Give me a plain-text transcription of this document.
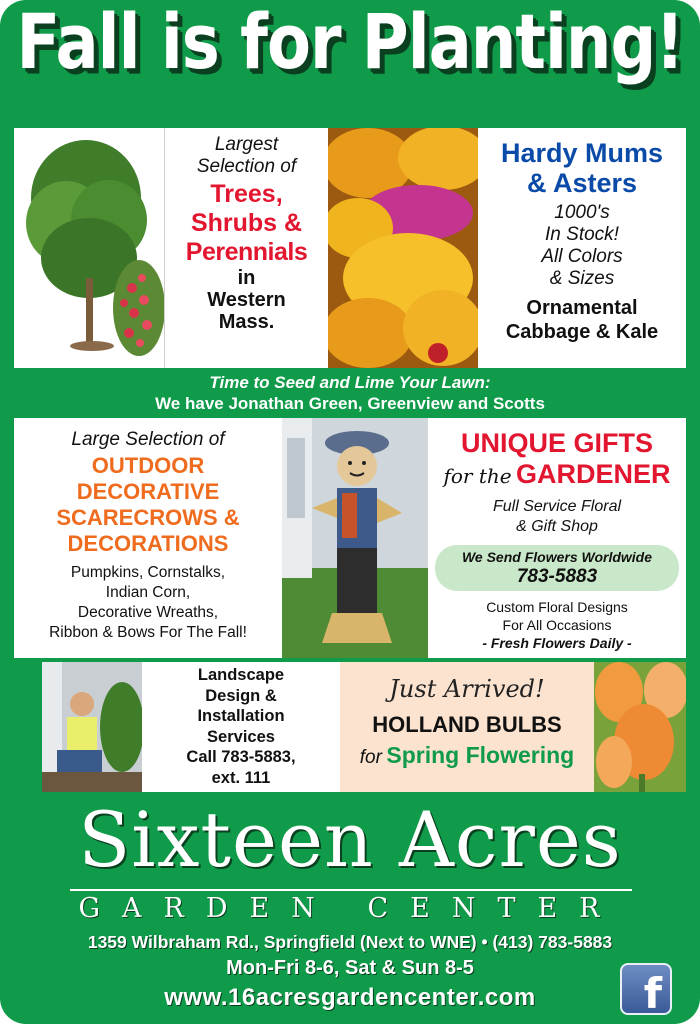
Fall is for Planting!
Largest
Selection of
Trees,
Shrubs &
Perennials
in
Western
Mass.
Hardy Mums
& Asters
1000's
In Stock!
All Colors
& Sizes
Ornamental
Cabbage & Kale
Time to Seed and Lime Your Lawn:
We have Jonathan Green, Greenview and Scotts
Large Selection of
OUTDOOR
DECORATIVE
SCARECROWS &
DECORATIONS
Pumpkins, Cornstalks,
Indian Corn,
Decorative Wreaths,
Ribbon & Bows For The Fall!
UNIQUE GIFTS
for the GARDENER
Full Service Floral
& Gift Shop
We Send Flowers Worldwide
783-5883
Custom Floral Designs
For All Occasions
- Fresh Flowers Daily -
Landscape
Design &
Installation
Services
Call 783-5883,
ext. 111
Just Arrived!
HOLLAND BULBS
for Spring Flowering
Sixteen Acres
GARDEN CENTER
1359 Wilbraham Rd., Springfield (Next to WNE) • (413) 783-5883
Mon-Fri 8-6, Sat & Sun 8-5
www.16acresgardencenter.com	f
